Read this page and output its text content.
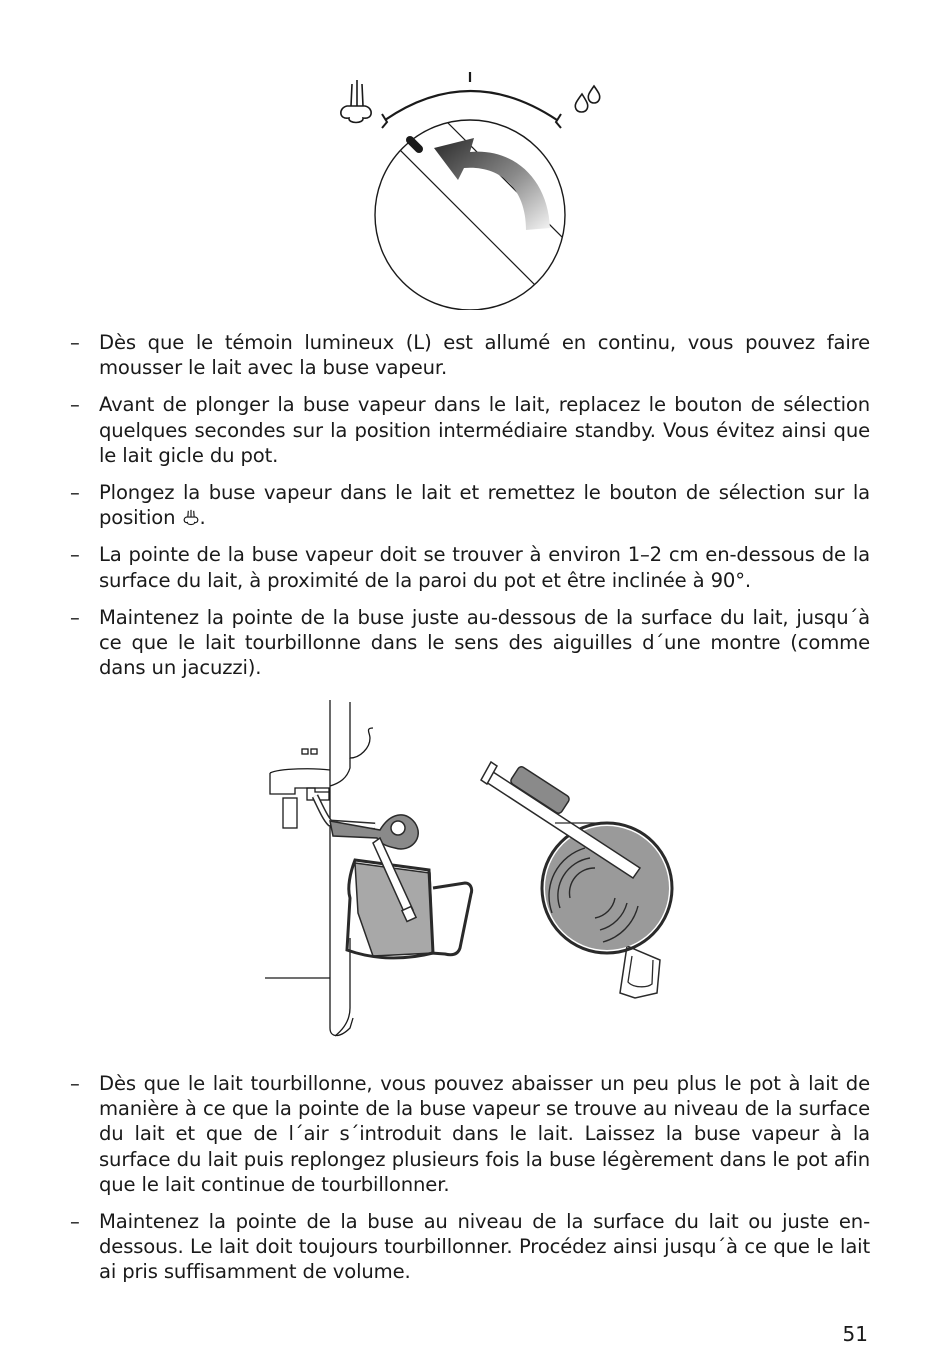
– Dès que le témoin lumineux (L) est allumé en continu, vous pouvez faire mousser le lait avec la buse vapeur.
– Avant de plonger la buse vapeur dans le lait, replacez le bouton de sélection quelques secondes sur la position intermédiaire standby. Vous évitez ainsi que le lait gicle du pot.
– Plongez la buse vapeur dans le lait et remettez le bouton de sélection sur la position .
– La pointe de la buse vapeur doit se trouver à environ 1–2 cm en-dessous de la surface du lait, à proximité de la paroi du pot et être inclinée à 90°.
– Maintenez la pointe de la buse juste au-dessous de la surface du lait, jusqu´à ce que le lait tourbillonne dans le sens des aiguilles d´une montre (comme dans un jacuzzi).
– Dès que le lait tourbillonne, vous pouvez abaisser un peu plus le pot à lait de manière à ce que la pointe de la buse vapeur se trouve au niveau de la surface du lait et que de l´air s´introduit dans le lait. Laissez la buse vapeur à la surface du lait puis replongez plusieurs fois la buse légèrement dans le pot afin que le lait continue de tourbillonner.
– Maintenez la pointe de la buse au niveau de la surface du lait ou juste en-dessous. Le lait doit toujours tourbillonner. Procédez ainsi jusqu´à ce que le lait ai pris suffisamment de volume.
51
